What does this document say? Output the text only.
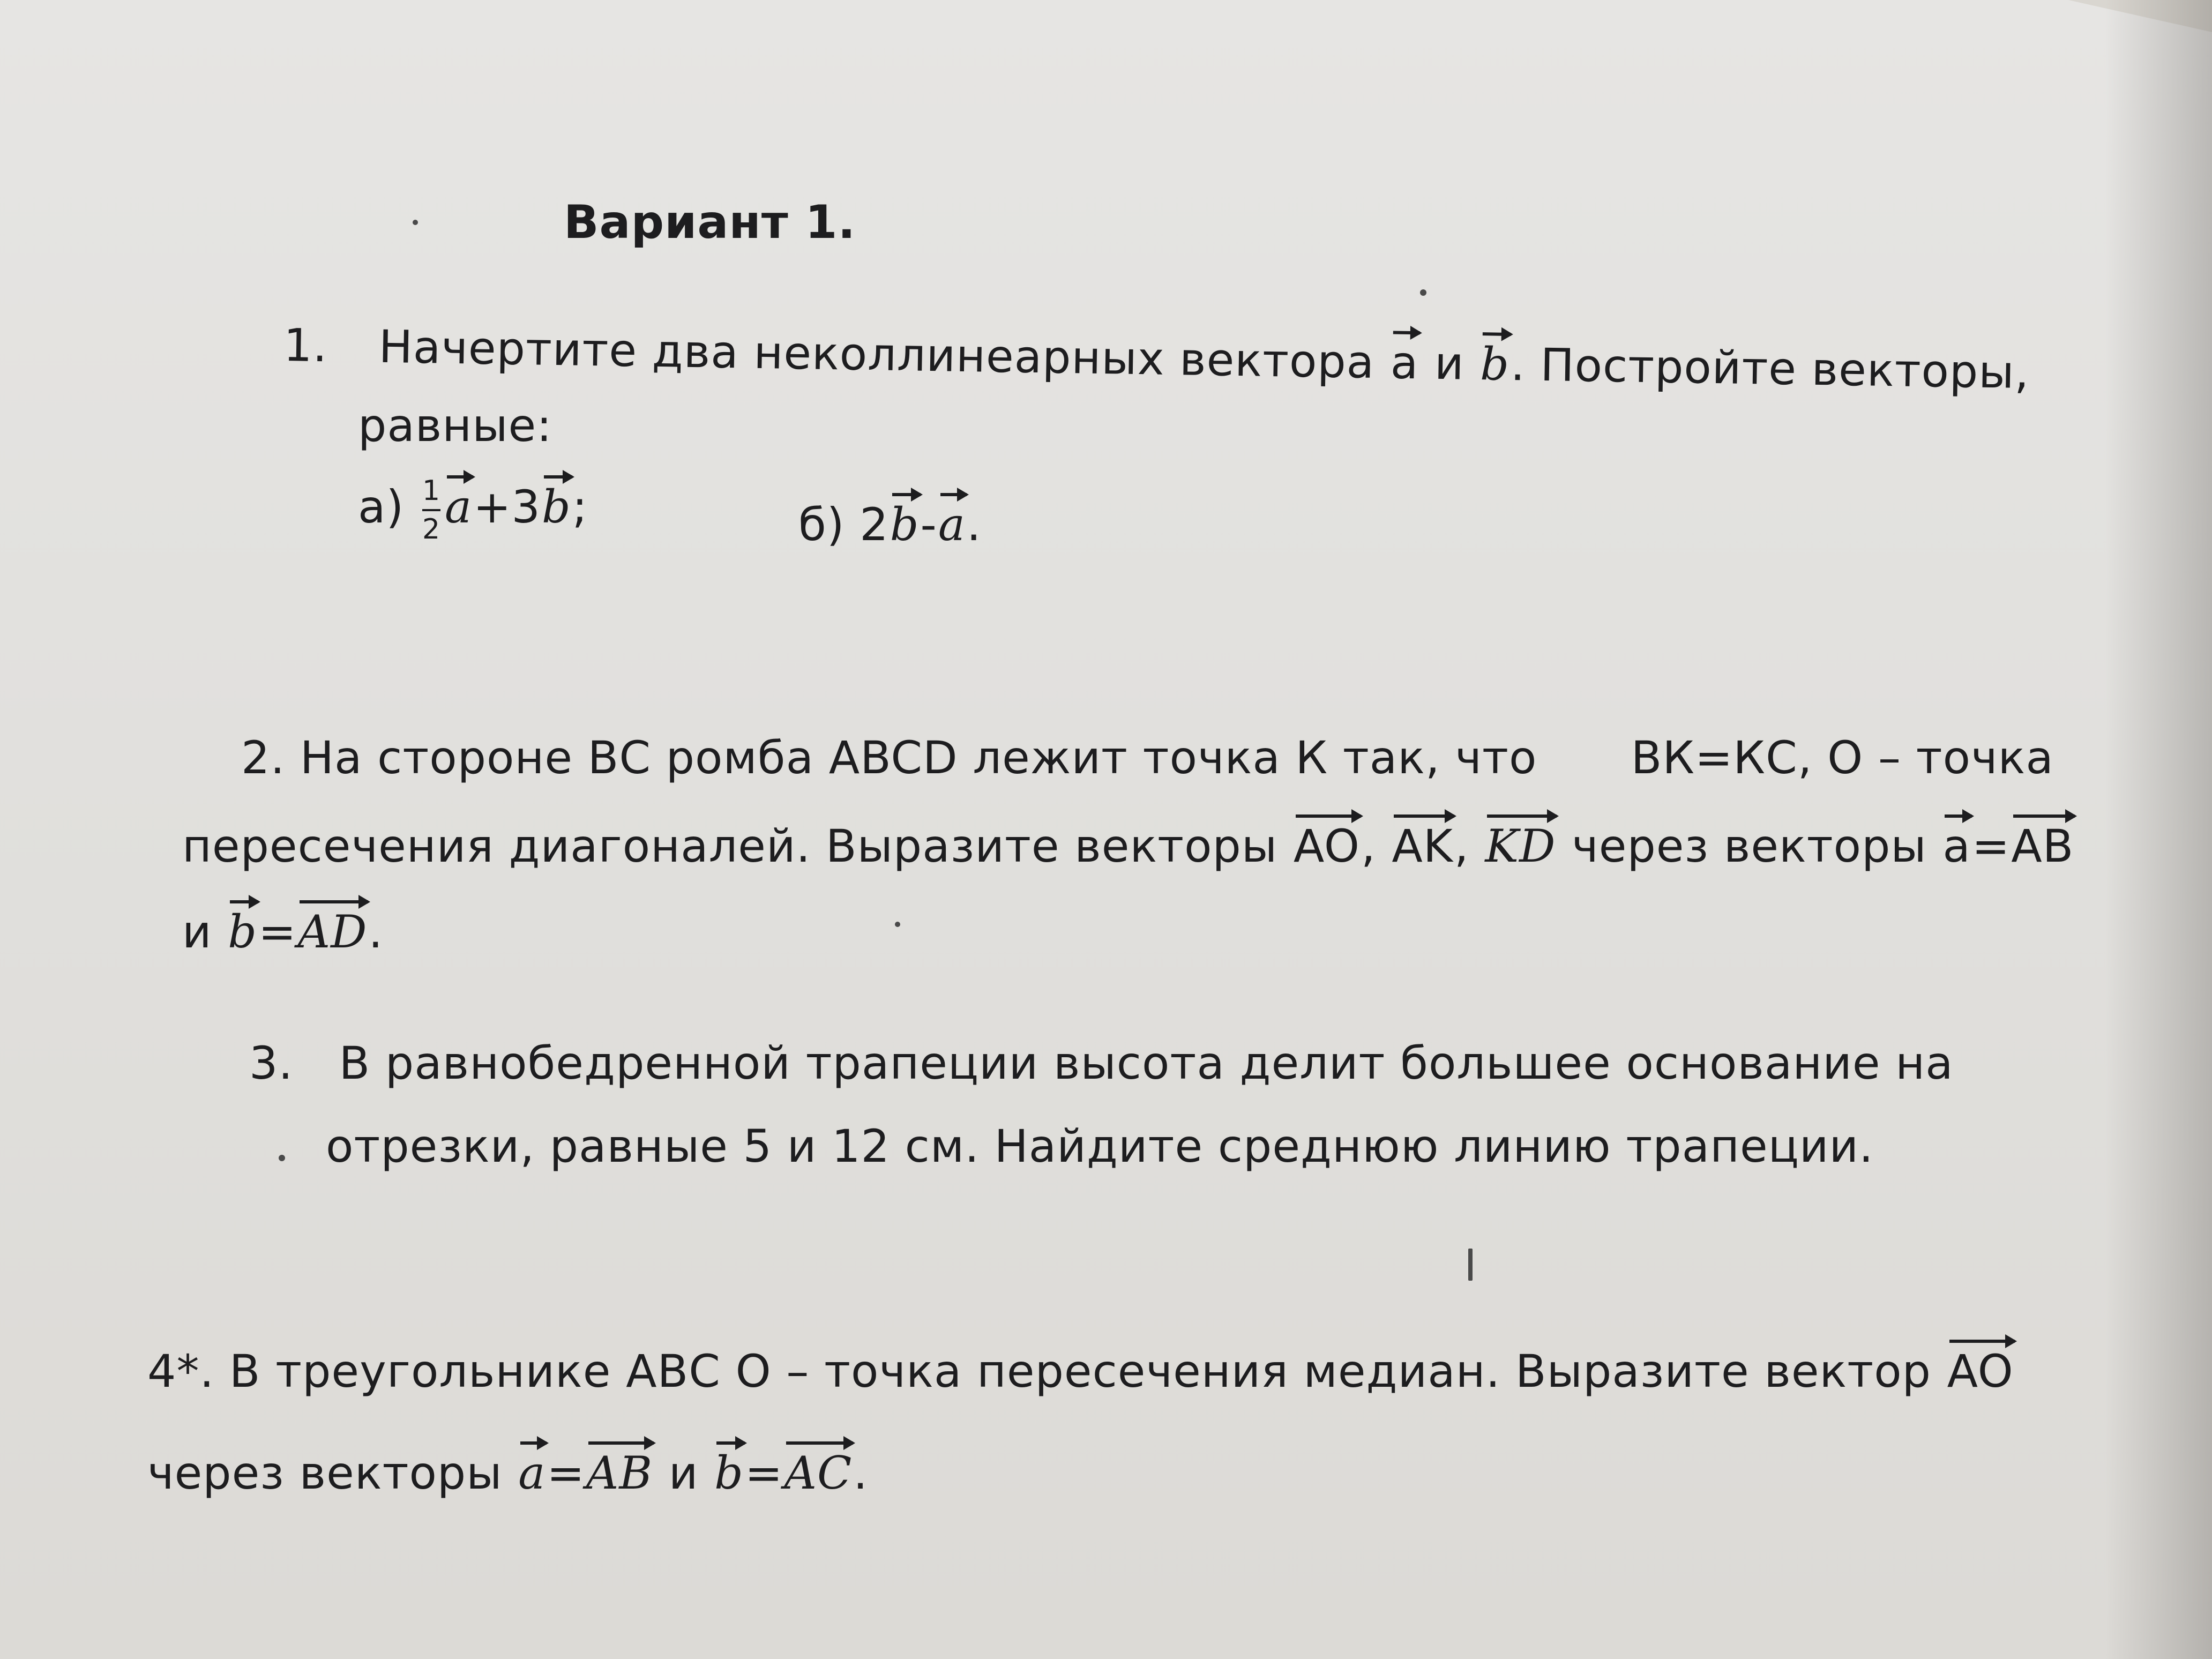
Вариант 1.
1. Начертите два неколлинеарных вектора a и b. Постройте векторы,
равные:
$а) \frac{1}{2} a+3b$;	б) 2b-a.
2. На стороне ВС ромба ABCD лежит точка К так, что ВК=КС, О – точка
пересечения диагоналей. Выразите векторы AO, AK, KD через векторы a=AB
и b=AD.
3. В равнобедренной трапеции высота делит большее основание на
отрезки, равные 5 и 12 см. Найдите среднюю линию трапеции.
4*. В треугольнике АВС О – точка пересечения медиан. Выразите вектор AO
через векторы a=AB и b=AC.
